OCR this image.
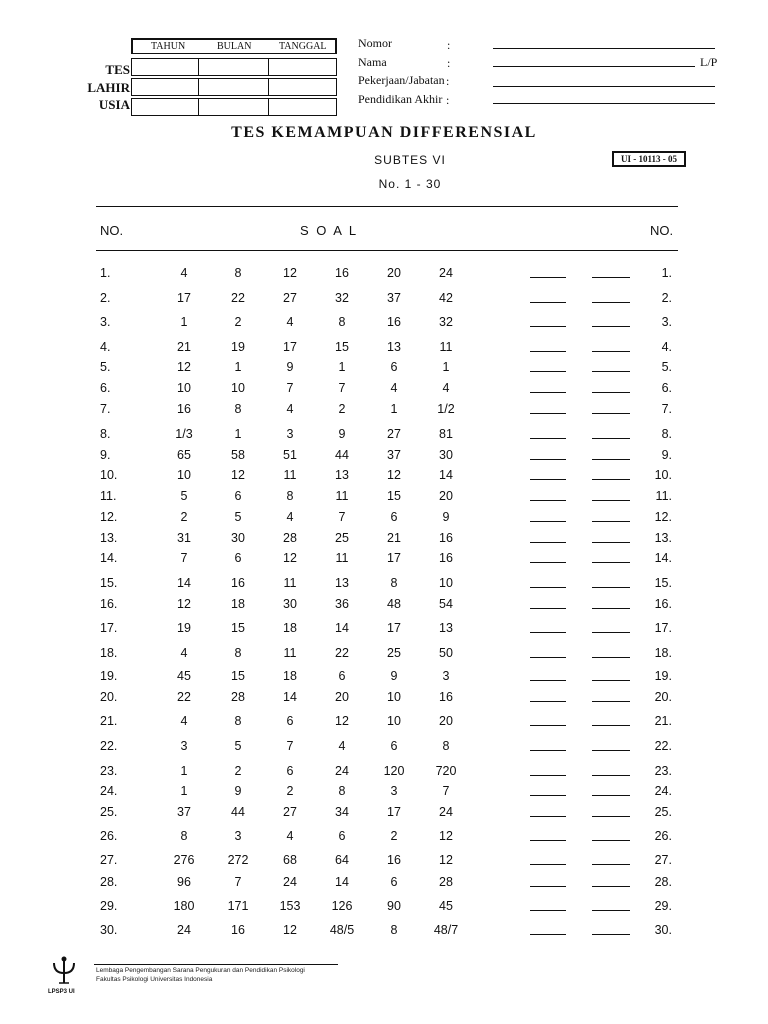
TAHUN	BULAN	TANGGAL
TES
LAHIR
USIA
Nomor	:
Nama	:	L/P
Pekerjaan/Jabatan :
Pendidikan Akhir :
TES KEMAMPUAN DIFFERENSIAL
SUBTES VI
No. 1 - 30
UI - 10113 - 05
NO.	S O A L	NO.
1.	4	8	12	16	20	24	1.
2.	17	22	27	32	37	42	2.
3.	1	2	4	8	16	32	3.
4.	21	19	17	15	13	11	4.
5.	12	1	9	1	6	1	5.
6.	10	10	7	7	4	4	6.
7.	16	8	4	2	1	1/2	7.
8.	1/3	1	3	9	27	81	8.
9.	65	58	51	44	37	30	9.
10.	10	12	11	13	12	14	10.
11.	5	6	8	11	15	20	11.
12.	2	5	4	7	6	9	12.
13.	31	30	28	25	21	16	13.
14.	7	6	12	11	17	16	14.
15.	14	16	11	13	8	10	15.
16.	12	18	30	36	48	54	16.
17.	19	15	18	14	17	13	17.
18.	4	8	11	22	25	50	18.
19.	45	15	18	6	9	3	19.
20.	22	28	14	20	10	16	20.
21.	4	8	6	12	10	20	21.
22.	3	5	7	4	6	8	22.
23.	1	2	6	24	120	720	23.
24.	1	9	2	8	3	7	24.
25.	37	44	27	34	17	24	25.
26.	8	3	4	6	2	12	26.
27.	276	272	68	64	16	12	27.
28.	96	7	24	14	6	28	28.
29.	180	171	153	126	90	45	29.
30.	24	16	12	48/5	8	48/7	30.
LPSP3 UI
Lembaga Pengembangan Sarana Pengukuran dan Pendidikan Psikologi
Fakultas Psikologi Universitas Indonesia
